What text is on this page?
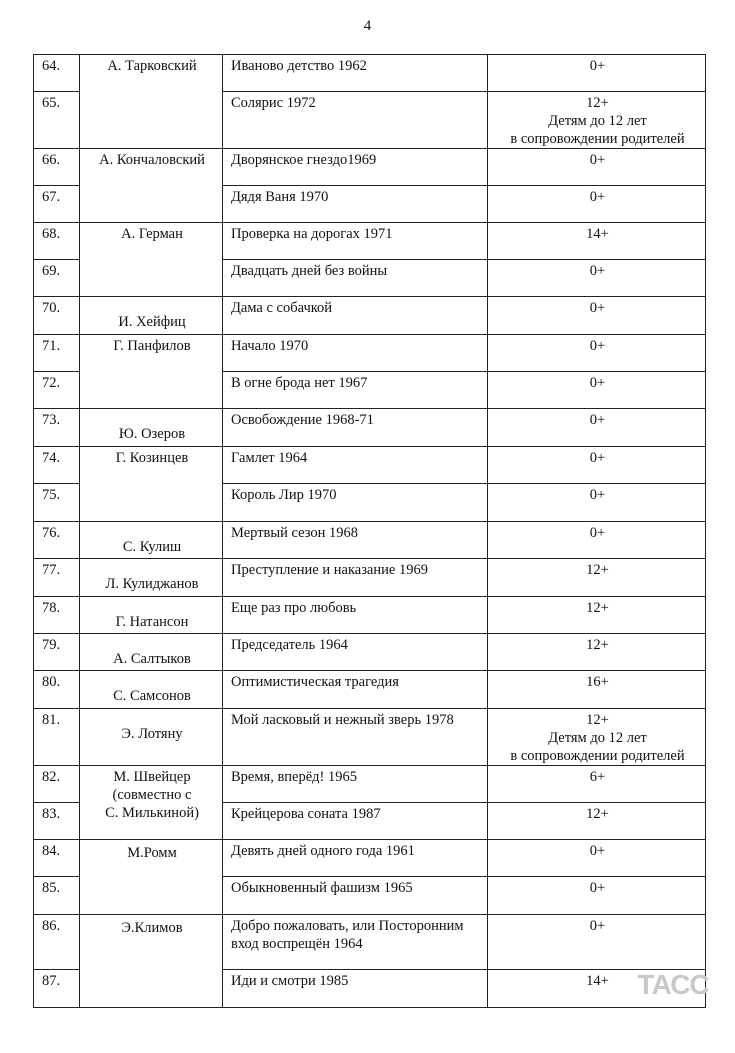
4
64.	А. Тарковский	Иваново детство 1962	0+

65.		Солярис 1972	12+
Детям до 12 лет
в сопровождении родителей

66.	А. Кончаловский	Дворянское гнездо1969	0+

67.		Дядя Ваня 1970	0+

68.	А. Герман	Проверка на дорогах 1971	14+

69.		Двадцать дней без войны	0+

70.	И. Хейфиц	Дама с собачкой	0+

71.	Г. Панфилов	Начало 1970	0+

72.		В огне брода нет 1967	0+

73.	Ю. Озеров	Освобождение 1968-71	0+

74.	Г. Козинцев	Гамлет 1964	0+

75.		Король Лир 1970	0+

76.	С. Кулиш	Мертвый сезон 1968	0+

77.	Л. Кулиджанов	Преступление и наказание 1969	12+

78.	Г. Натансон	Еще раз про любовь	12+

79.	А. Салтыков	Председатель 1964	12+

80.	С. Самсонов	Оптимистическая трагедия	16+

81.	Э. Лотяну	Мой ласковый и нежный зверь 1978	12+
Детям до 12 лет
в сопровождении родителей

82.	М. Швейцер
(совместно с
С. Милькиной)	Время, вперёд! 1965	6+

83.		Крейцерова соната 1987	12+

84.	М.Ромм	Девять дней одного года 1961	0+

85.		Обыкновенный фашизм 1965	0+

86.	Э.Климов	Добро пожаловать, или Посторонним вход воспрещён 1964	0+

87.		Иди и смотри 1985	14+	ТАСС
